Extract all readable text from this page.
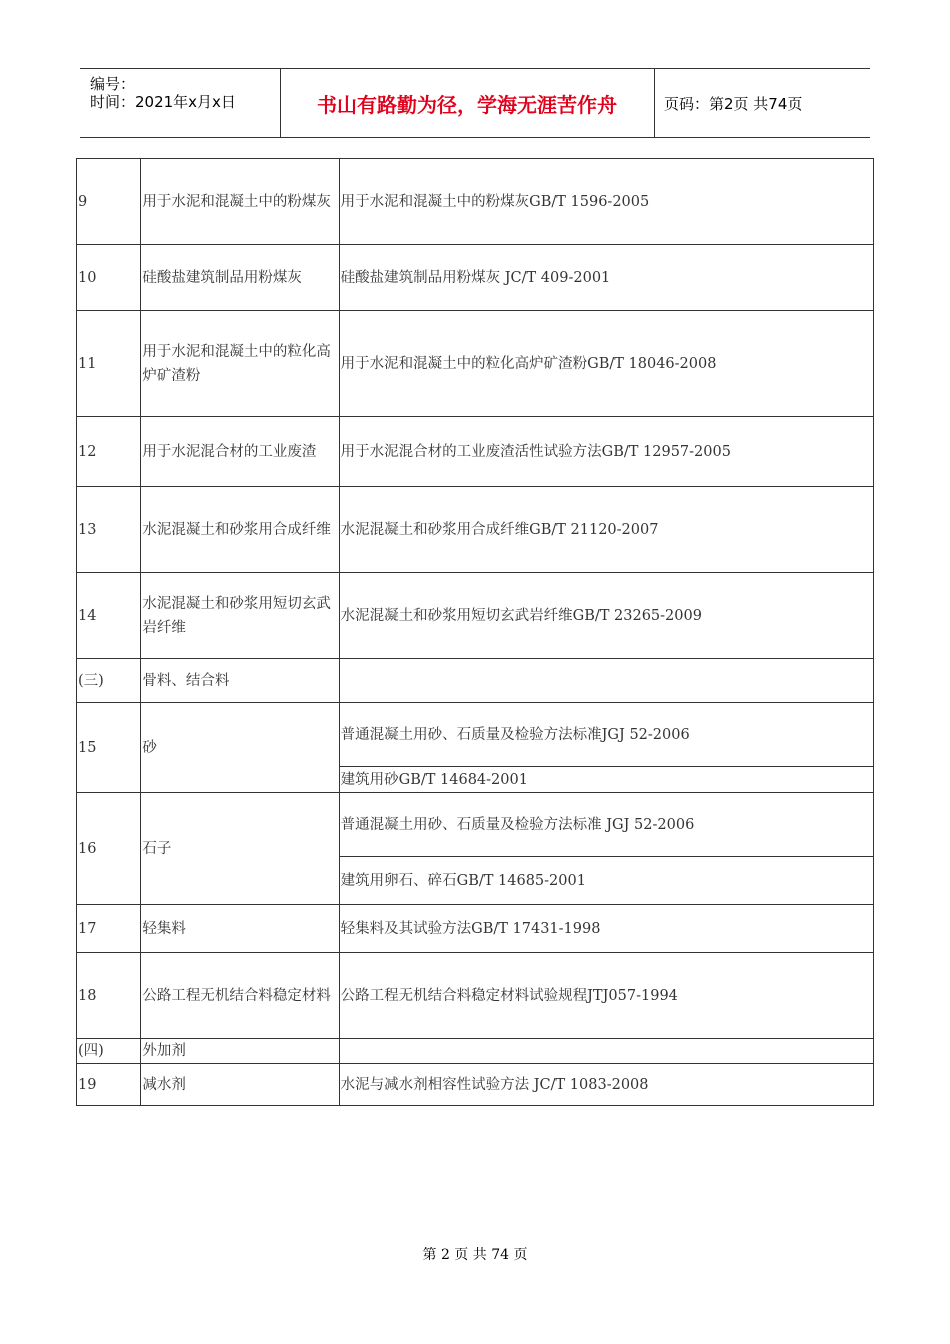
编号：
时间：2021年x月x日	书山有路勤为径，学海无涯苦作舟	页码：第2页 共74页
9	用于水泥和混凝土中的粉煤灰	用于水泥和混凝土中的粉煤灰GB/T 1596-2005
10	硅酸盐建筑制品用粉煤灰	硅酸盐建筑制品用粉煤灰 JC/T 409-2001
11	用于水泥和混凝土中的粒化高炉矿渣粉	用于水泥和混凝土中的粒化高炉矿渣粉GB/T 18046-2008
12	用于水泥混合材的工业废渣	用于水泥混合材的工业废渣活性试验方法GB/T 12957-2005
13	水泥混凝土和砂浆用合成纤维	水泥混凝土和砂浆用合成纤维GB/T 21120-2007
14	水泥混凝土和砂浆用短切玄武岩纤维	水泥混凝土和砂浆用短切玄武岩纤维GB/T 23265-2009
(三)	骨料、结合料	
15	砂	普通混凝土用砂、石质量及检验方法标准JGJ 52-2006
		建筑用砂GB/T 14684-2001
16	石子	普通混凝土用砂、石质量及检验方法标准 JGJ 52-2006
		建筑用卵石、碎石GB/T 14685-2001
17	轻集料	轻集料及其试验方法GB/T 17431-1998
18	公路工程无机结合料稳定材料	公路工程无机结合料稳定材料试验规程JTJ057-1994
(四)	外加剂	
19	减水剂	水泥与减水剂相容性试验方法 JC/T 1083-2008
第 2 页 共 74 页
